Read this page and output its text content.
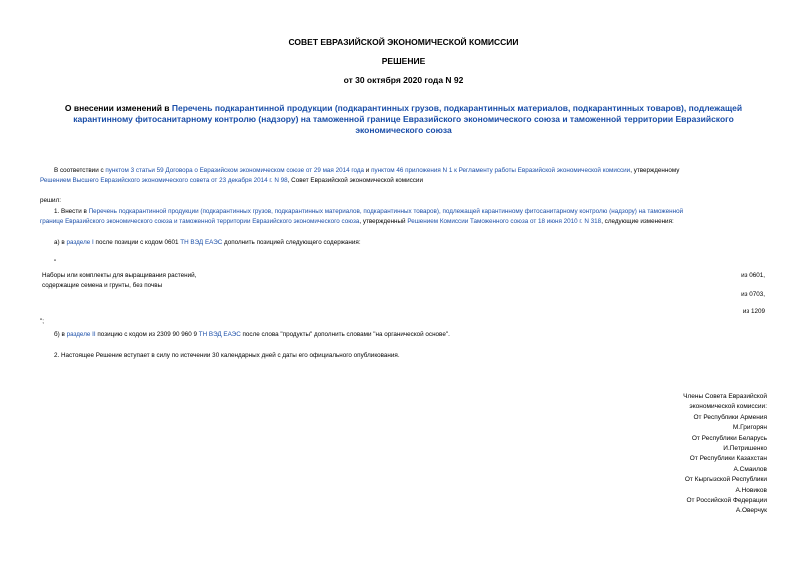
СОВЕТ ЕВРАЗИЙСКОЙ ЭКОНОМИЧЕСКОЙ КОМИССИИ
РЕШЕНИЕ
от 30 октября 2020 года N 92
О внесении изменений в Перечень подкарантинной продукции (подкарантинных грузов, подкарантинных материалов, подкарантинных товаров), подлежащей карантинному фитосанитарному контролю (надзору) на таможенной границе Евразийского экономического союза и таможенной территории Евразийского экономического союза
В соответствии с пунктом 3 статьи 59 Договора о Евразийском экономическом союзе от 29 мая 2014 года и пунктом 46 приложения N 1 к Регламенту работы Евразийской экономической комиссии, утвержденному
Решением Высшего Евразийского экономического совета от 23 декабря 2014 г. N 98, Совет Евразийской экономической комиссии
решил:
1. Внести в Перечень подкарантинной продукции (подкарантинных грузов, подкарантинных материалов, подкарантинных товаров), подлежащей карантинному фитосанитарному контролю (надзору) на таможенной
границе Евразийского экономического союза и таможенной территории Евразийского экономического союза, утвержденный Решением Комиссии Таможенного союза от 18 июня 2010 г. N 318, следующие изменения:
а) в разделе I после позиции с кодом 0601 ТН ВЭД ЕАЭС дополнить позицией следующего содержания:
"
Наборы или комплекты для выращивания растений,
содержащие семена и грунты, без почвы
из 0601,
из 0703,
из 1209
";
б) в разделе II позицию с кодом из 2309 90 960 9 ТН ВЭД ЕАЭС после слова "продукты" дополнить словами "на органической основе".
2. Настоящее Решение вступает в силу по истечении 30 календарных дней с даты его официального опубликования.
Члены Совета Евразийской
экономической комиссии:
От Республики Армения
М.Григорян
От Республики Беларусь
И.Петришенко
От Республики Казахстан
А.Смаилов
От Кыргызской Республики
А.Новиков
От Российской Федерации
А.Оверчук
